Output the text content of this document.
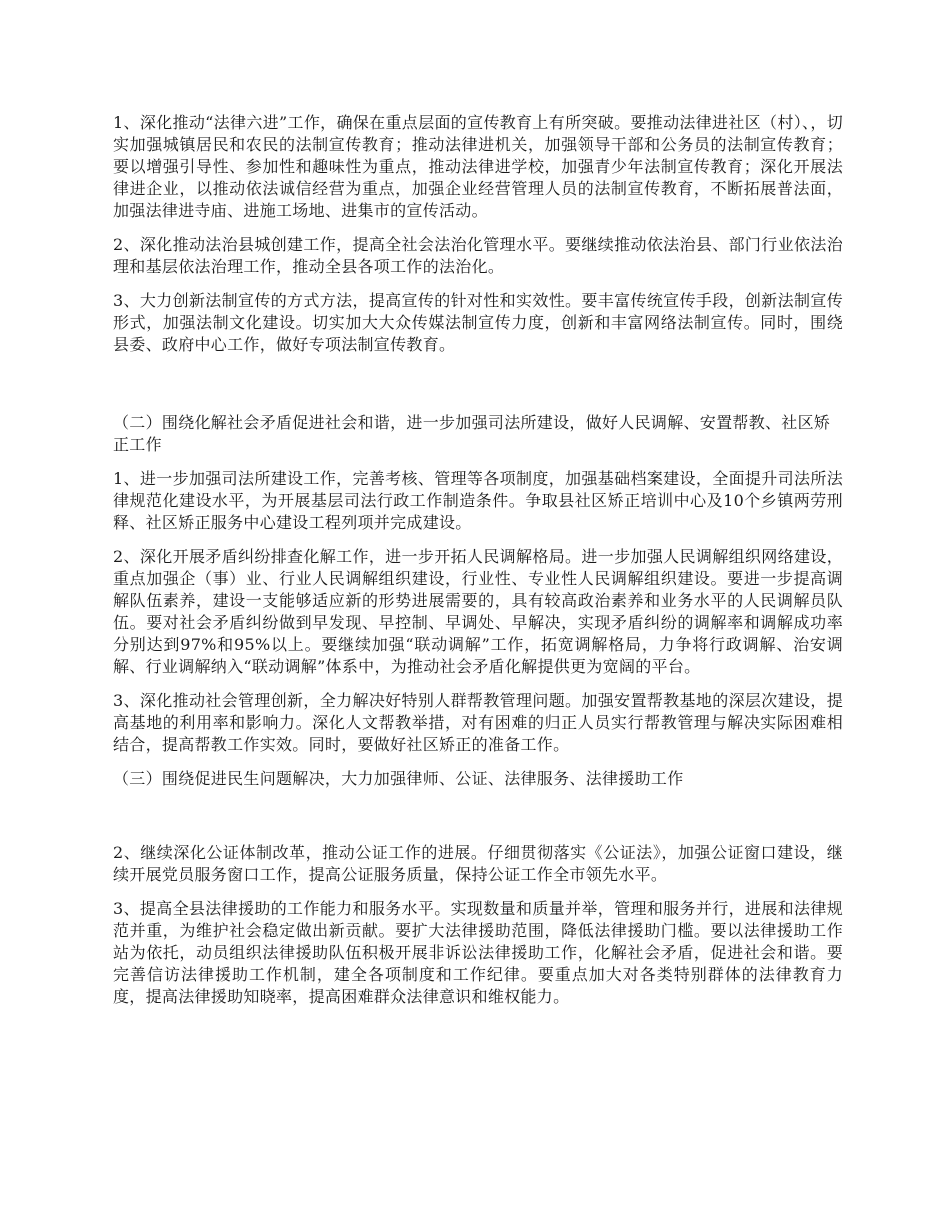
1、深化推动“法律六进”工作，确保在重点层面的宣传教育上有所突破。要推动法律进社区（村）、，切实加强城镇居民和农民的法制宣传教育；推动法律进机关，加强领导干部和公务员的法制宣传教育；要以增强引导性、参加性和趣味性为重点，推动法律进学校，加强青少年法制宣传教育；深化开展法律进企业，以推动依法诚信经营为重点，加强企业经营管理人员的法制宣传教育，不断拓展普法面，加强法律进寺庙、进施工场地、进集市的宣传活动。

2、深化推动法治县城创建工作，提高全社会法治化管理水平。要继续推动依法治县、部门行业依法治理和基层依法治理工作，推动全县各项工作的法治化。

3、大力创新法制宣传的方式方法，提高宣传的针对性和实效性。要丰富传统宣传手段，创新法制宣传形式，加强法制文化建设。切实加大大众传媒法制宣传力度，创新和丰富网络法制宣传。同时，围绕县委、政府中心工作，做好专项法制宣传教育。

（二）围绕化解社会矛盾促进社会和谐，进一步加强司法所建设，做好人民调解、安置帮教、社区矫正工作

1、进一步加强司法所建设工作，完善考核、管理等各项制度，加强基础档案建设，全面提升司法所法律规范化建设水平，为开展基层司法行政工作制造条件。争取县社区矫正培训中心及10个乡镇两劳刑释、社区矫正服务中心建设工程列项并完成建设。

2、深化开展矛盾纠纷排查化解工作，进一步开拓人民调解格局。进一步加强人民调解组织网络建设，重点加强企（事）业、行业人民调解组织建设，行业性、专业性人民调解组织建设。要进一步提高调解队伍素养，建设一支能够适应新的形势进展需要的，具有较高政治素养和业务水平的人民调解员队伍。要对社会矛盾纠纷做到早发现、早控制、早调处、早解决，实现矛盾纠纷的调解率和调解成功率分别达到97%和95%以上。要继续加强“联动调解”工作，拓宽调解格局，力争将行政调解、治安调解、行业调解纳入“联动调解”体系中，为推动社会矛盾化解提供更为宽阔的平台。

3、深化推动社会管理创新，全力解决好特别人群帮教管理问题。加强安置帮教基地的深层次建设，提高基地的利用率和影响力。深化人文帮教举措，对有困难的归正人员实行帮教管理与解决实际困难相结合，提高帮教工作实效。同时，要做好社区矫正的准备工作。

（三）围绕促进民生问题解决，大力加强律师、公证、法律服务、法律援助工作

2、继续深化公证体制改革，推动公证工作的进展。仔细贯彻落实《公证法》，加强公证窗口建设，继续开展党员服务窗口工作，提高公证服务质量，保持公证工作全市领先水平。

3、提高全县法律援助的工作能力和服务水平。实现数量和质量并举，管理和服务并行，进展和法律规范并重，为维护社会稳定做出新贡献。要扩大法律援助范围，降低法律援助门槛。要以法律援助工作站为依托，动员组织法律援助队伍积极开展非诉讼法律援助工作，化解社会矛盾，促进社会和谐。要完善信访法律援助工作机制，建全各项制度和工作纪律。要重点加大对各类特别群体的法律教育力度，提高法律援助知晓率，提高困难群众法律意识和维权能力。
